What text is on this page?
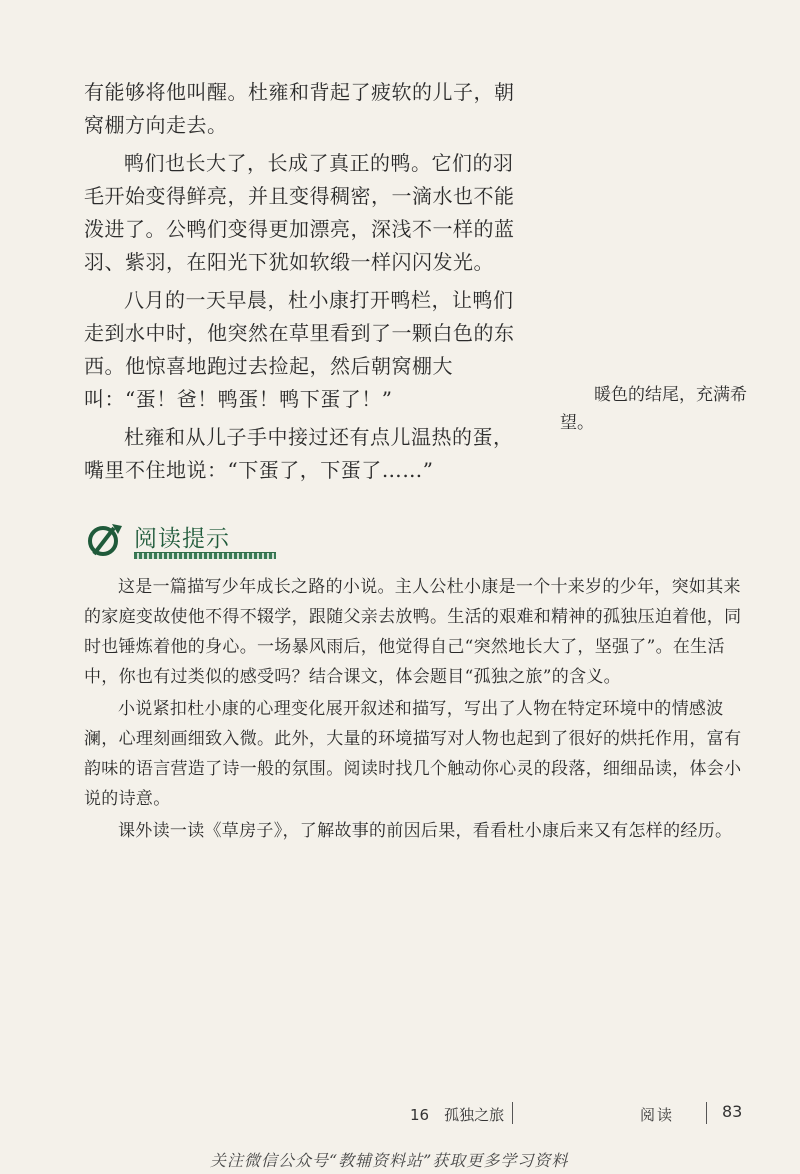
有能够将他叫醒。杜雍和背起了疲软的儿子，朝窝棚方向走去。

鸭们也长大了，长成了真正的鸭。它们的羽毛开始变得鲜亮，并且变得稠密，一滴水也不能泼进了。公鸭们变得更加漂亮，深浅不一样的蓝羽、紫羽，在阳光下犹如软缎一样闪闪发光。

八月的一天早晨，杜小康打开鸭栏，让鸭们走到水中时，他突然在草里看到了一颗白色的东西。他惊喜地跑过去捡起，然后朝窝棚大叫：“蛋！爸！鸭蛋！鸭下蛋了！”

杜雍和从儿子手中接过还有点儿温热的蛋，嘴里不住地说：“下蛋了，下蛋了……”

暖色的结尾，充满希望。
阅读提示

这是一篇描写少年成长之路的小说。主人公杜小康是一个十来岁的少年，突如其来的家庭变故使他不得不辍学，跟随父亲去放鸭。生活的艰难和精神的孤独压迫着他，同时也锤炼着他的身心。一场暴风雨后，他觉得自己“突然地长大了，坚强了”。在生活中，你也有过类似的感受吗？结合课文，体会题目“孤独之旅”的含义。

小说紧扣杜小康的心理变化展开叙述和描写，写出了人物在特定环境中的情感波澜，心理刻画细致入微。此外，大量的环境描写对人物也起到了很好的烘托作用，富有韵味的语言营造了诗一般的氛围。阅读时找几个触动你心灵的段落，细细品读，体会小说的诗意。

课外读一读《草房子》，了解故事的前因后果，看看杜小康后来又有怎样的经历。

16　孤独之旅	阅读	83
关注微信公众号“教辅资料站”获取更多学习资料
